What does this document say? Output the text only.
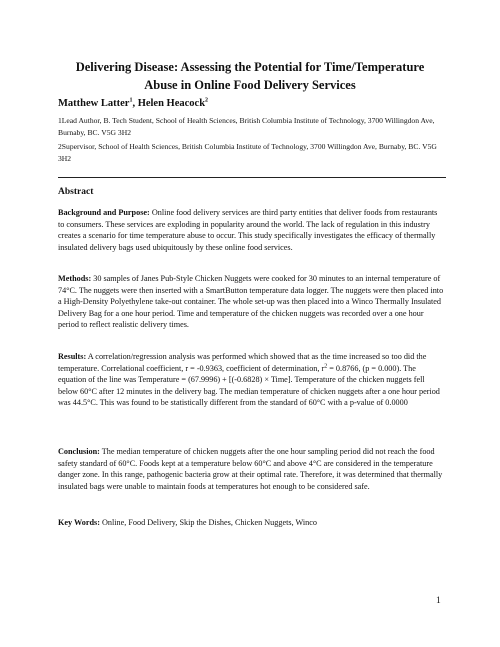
Delivering Disease: Assessing the Potential for Time/Temperature
Abuse in Online Food Delivery Services
Matthew Latter$^1$, Helen Heacock$^2$
1Lead Author, B. Tech Student, School of Health Sciences, British Columbia Institute of Technology, 3700 Willingdon Ave, Burnaby, BC. V5G 3H2
2Supervisor, School of Health Sciences, British Columbia Institute of Technology, 3700 Willingdon Ave, Burnaby, BC. V5G 3H2
Abstract

Background and Purpose: Online food delivery services are third party entities that deliver foods from restaurants to consumers. These services are exploding in popularity around the world. The lack of regulation in this industry creates a scenario for time temperature abuse to occur. This study specifically investigates the efficacy of thermally insulated delivery bags used ubiquitously by these online food services.

Methods: 30 samples of Janes Pub-Style Chicken Nuggets were cooked for 30 minutes to an internal temperature of 74°C. The nuggets were then inserted with a SmartButton temperature data logger. The nuggets were then placed into a High-Density Polyethylene take-out container. The whole set-up was then placed into a Winco Thermally Insulated Delivery Bag for a one hour period. Time and temperature of the chicken nuggets was recorded over a one hour period to reflect realistic delivery times.

Results: A correlation/regression analysis was performed which showed that as the time increased so too did the temperature. Correlational coefficient, r = -0.9363, coefficient of determination, $r^2 = 0.8766$, (p = 0.000). The equation of the line was Temperature = (67.9996) + [(-0.6828) × Time]. Temperature of the chicken nuggets fell below 60°C after 12 minutes in the delivery bag. The median temperature of chicken nuggets after a one hour period was 44.5°C. This was found to be statistically different from the standard of 60°C with a p-value of 0.0000

Conclusion: The median temperature of chicken nuggets after the one hour sampling period did not reach the food safety standard of 60°C. Foods kept at a temperature below 60°C and above 4°C are considered in the temperature danger zone. In this range, pathogenic bacteria grow at their optimal rate. Therefore, it was determined that thermally insulated bags were unable to maintain foods at temperatures hot enough to be considered safe.

Key Words: Online, Food Delivery, Skip the Dishes, Chicken Nuggets, Winco

1
